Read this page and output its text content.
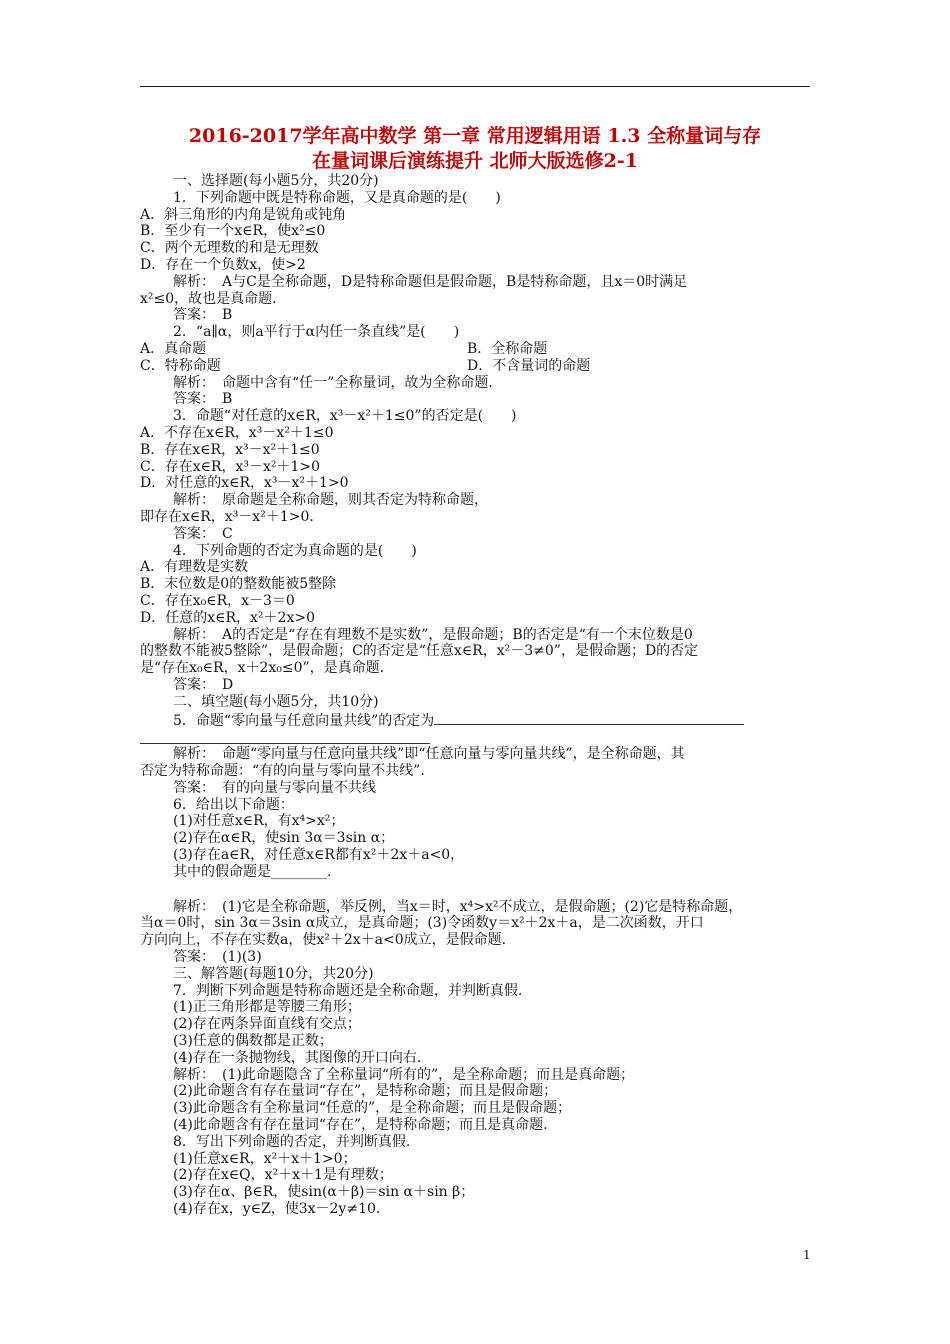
2016-2017学年高中数学 第一章 常用逻辑用语 1.3 全称量词与存
在量词课后演练提升 北师大版选修2-1

一、选择题(每小题5分，共20分)

1．下列命题中既是特称命题，又是真命题的是(　　)

A．斜三角形的内角是锐角或钝角

B．至少有一个x∈R，使x²≤0

C．两个无理数的和是无理数

D．存在一个负数x，使>2

解析：　A与C是全称命题，D是特称命题但是假命题，B是特称命题，且x＝0时满足

x²≤0，故也是真命题.

答案：　B

2．“a∥α，则a平行于α内任一条直线”是(　　)

A．真命题	B．全称命题
C．特称命题	D．不含量词的命题

解析：　命题中含有“任一”全称量词，故为全称命题.

答案：　B

3．命题“对任意的x∈R，x³－x²＋1≤0”的否定是(　　)

A．不存在x∈R，x³－x²＋1≤0

B．存在x∈R，x³－x²＋1≤0

C．存在x∈R，x³－x²＋1>0

D．对任意的x∈R，x³－x²＋1>0

解析：　原命题是全称命题，则其否定为特称命题，

即存在x∈R，x³－x²＋1>0.

答案：　C

4．下列命题的否定为真命题的是(　　)

A．有理数是实数

B．末位数是0的整数能被5整除

C．存在x₀∈R，x－3＝0

D．任意的x∈R，x²＋2x>0

解析：　A的否定是“存在有理数不是实数”，是假命题；B的否定是“有一个末位数是0

的整数不能被5整除”，是假命题；C的否定是“任意x∈R，x²－3≠0”，是假命题；D的否定

是“存在x₀∈R，x＋2x₀≤0”，是真命题.

答案：　D

二、填空题(每小题5分，共10分)

5．命题“零向量与任意向量共线”的否定为

解析：　命题“零向量与任意向量共线”即“任意向量与零向量共线”，是全称命题，其

否定为特称命题：“有的向量与零向量不共线”.

答案：　有的向量与零向量不共线

6．给出以下命题：

(1)对任意x∈R，有x⁴>x²；

(2)存在α∈R，使sin 3α＝3sin α；

(3)存在a∈R，对任意x∈R都有x²＋2x＋a<0，

其中的假命题是________.

解析：　(1)它是全称命题，举反例，当x＝时，x⁴>x²不成立，是假命题；(2)它是特称命题，

当α＝0时，sin 3α＝3sin α成立，是真命题；(3)令函数y＝x²＋2x＋a，是二次函数，开口

方向向上，不存在实数a，使x²＋2x＋a<0成立，是假命题.

答案：　(1)(3)

三、解答题(每题10分，共20分)

7．判断下列命题是特称命题还是全称命题，并判断真假.

(1)正三角形都是等腰三角形；

(2)存在两条异面直线有交点；

(3)任意的偶数都是正数；

(4)存在一条抛物线，其图像的开口向右.

解析：　(1)此命题隐含了全称量词“所有的”，是全称命题；而且是真命题；

(2)此命题含有存在量词“存在”，是特称命题；而且是假命题；

(3)此命题含有全称量词“任意的”，是全称命题；而且是假命题；

(4)此命题含有存在量词“存在”，是特称命题；而且是真命题.

8．写出下列命题的否定，并判断真假.

(1)任意x∈R，x²＋x＋1>0；

(2)存在x∈Q，x²＋x＋1是有理数；

(3)存在α、β∈R，使sin(α＋β)＝sin α＋sin β；

(4)存在x，y∈Z，使3x－2y≠10.

1
